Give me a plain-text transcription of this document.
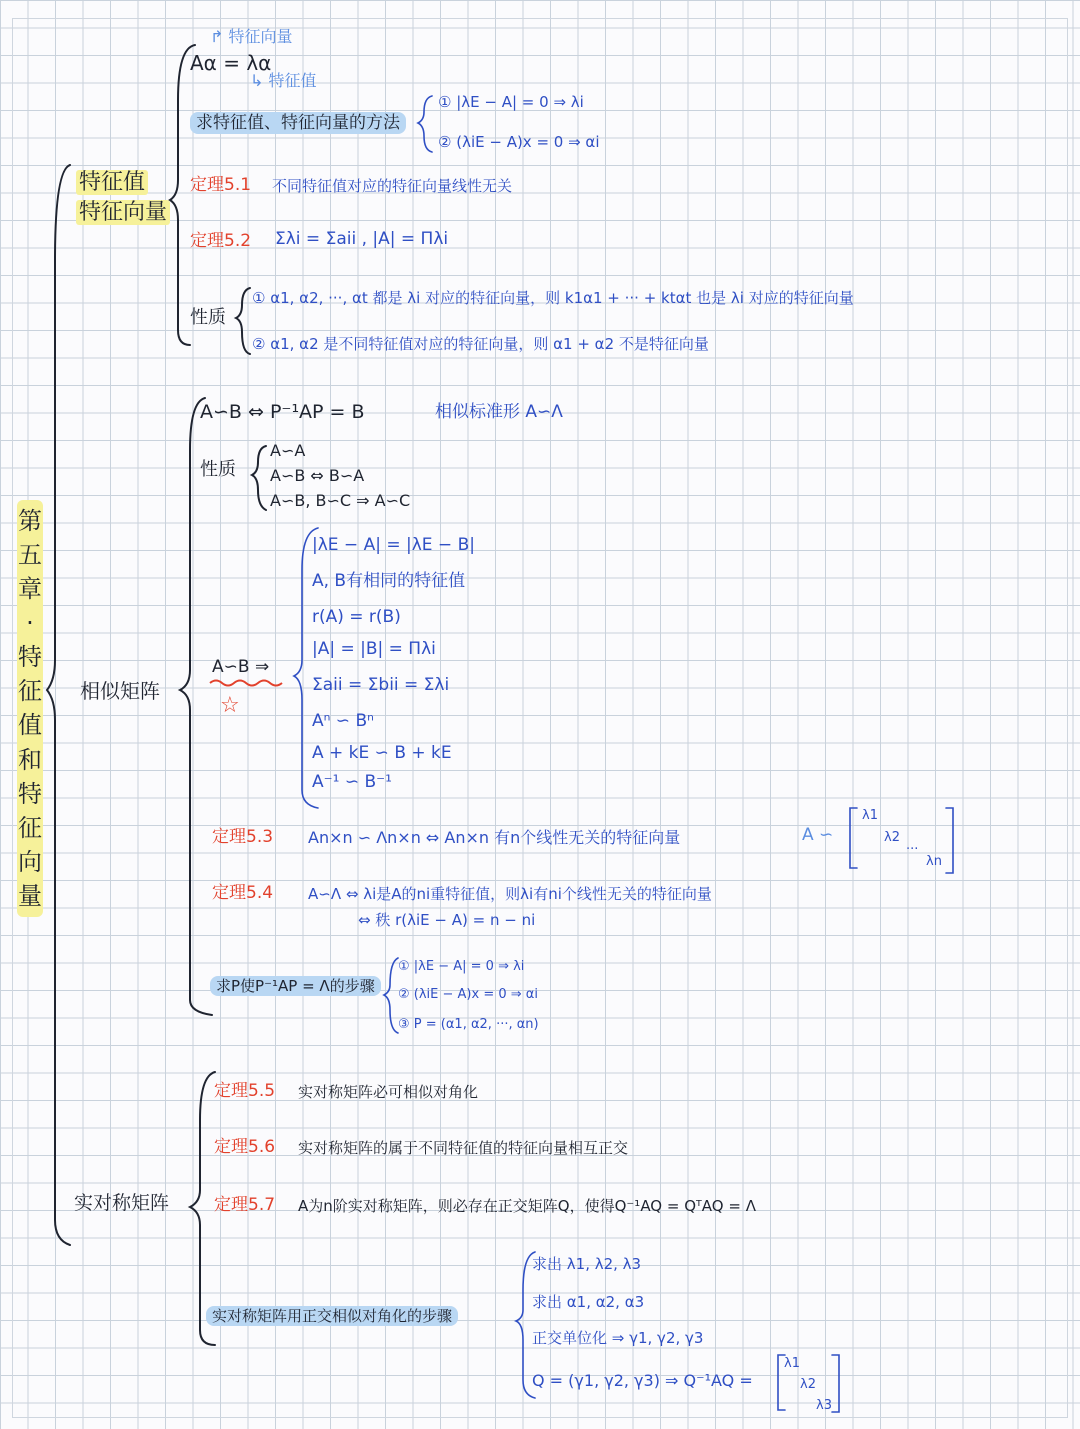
第五章·特征值和特征向量
特征值
特征向量
↱ 特征向量
Aα = λα
↳ 特征值
求特征值、特征向量的方法
① |λE − A| = 0 ⇒ λi
② (λiE − A)x = 0 ⇒ αi
定理5.1 不同特征值对应的特征向量线性无关
定理5.2 Σλi = Σaii , |A| = Πλi
性质
① α1, α2, ···, αt 都是 λi 对应的特征向量，则 k1α1 + ··· + ktαt 也是 λi 对应的特征向量
② α1, α2 是不同特征值对应的特征向量，则 α1 + α2 不是特征向量
相似矩阵
A∽B ⇔ P⁻¹AP = B	相似标准形 A∽Λ
性质
A∽A
A∽B ⇔ B∽A
A∽B, B∽C ⇒ A∽C
A∽B ⇒
☆
|λE − A| = |λE − B|
A, B有相同的特征值
r(A) = r(B)
|A| = |B| = Πλi
Σaii = Σbii = Σλi
Aⁿ ∽ Bⁿ
A + kE ∽ B + kE
A⁻¹ ∽ B⁻¹
定理5.3 An×n ∽ Λn×n ⇔ An×n 有n个线性无关的特征向量	A ∽
λ1
λ2
···
λn
定理5.4 A∽Λ ⇔ λi是A的ni重特征值，则λi有ni个线性无关的特征向量
⇔ 秩 r(λiE − A) = n − ni
求P使P⁻¹AP = Λ的步骤
① |λE − A| = 0 ⇒ λi
② (λiE − A)x = 0 ⇒ αi
③ P = (α1, α2, ···, αn)
实对称矩阵
定理5.5 实对称矩阵必可相似对角化
定理5.6 实对称矩阵的属于不同特征值的特征向量相互正交
定理5.7 A为n阶实对称矩阵，则必存在正交矩阵Q，使得Q⁻¹AQ = QᵀAQ = Λ
实对称矩阵用正交相似对角化的步骤
求出 λ1, λ2, λ3
求出 α1, α2, α3
正交单位化 ⇒ γ1, γ2, γ3
Q = (γ1, γ2, γ3) ⇒ Q⁻¹AQ =
λ1
λ2
λ3
